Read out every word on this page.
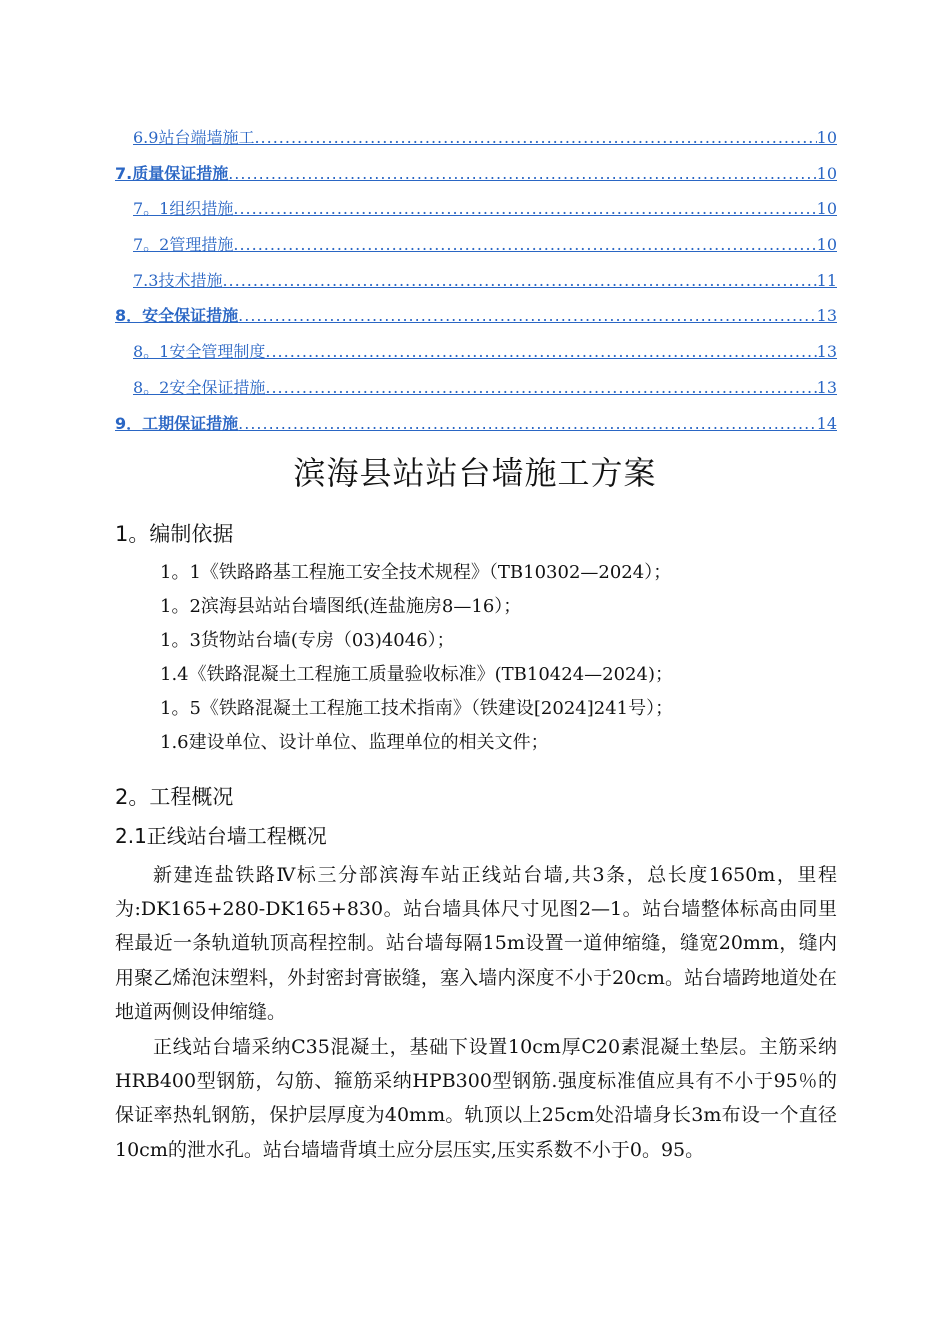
6.9站台端墙施工 .....	10
7.质量保证措施 .....	10
7。1组织措施 .....	10
7。2管理措施 .....	10
7.3技术措施 .....	11
8．安全保证措施 .....	13
8。1安全管理制度 .....	13
8。2安全保证措施 .....	13
9．工期保证措施 .....	14
滨海县站站台墙施工方案
1。编制依据
1。1《铁路路基工程施工安全技术规程》（TB10302—2024）；
1。2滨海县站站台墙图纸(连盐施房8—16）；
1。3货物站台墙(专房（03)4046）；
1.4《铁路混凝土工程施工质量验收标准》(TB10424—2024)；
1。5《铁路混凝土工程施工技术指南》（铁建设[2024]241号）；
1.6建设单位、设计单位、监理单位的相关文件；
2。工程概况
2.1正线站台墙工程概况

新建连盐铁路Ⅳ标三分部滨海车站正线站台墙,共3条，总长度1650m，里程为:DK165+280-DK165+830。站台墙具体尺寸见图2—1。站台墙整体标高由同里程最近一条轨道轨顶高程控制。站台墙每隔15m设置一道伸缩缝，缝宽20mm，缝内用聚乙烯泡沫塑料，外封密封膏嵌缝，塞入墙内深度不小于20cm。站台墙跨地道处在地道两侧设伸缩缝。

正线站台墙采纳C35混凝土，基础下设置10cm厚C20素混凝土垫层。主筋采纳HRB400型钢筋，勾筋、箍筋采纳HPB300型钢筋.强度标准值应具有不小于95％的保证率热轧钢筋，保护层厚度为40mm。轨顶以上25cm处沿墙身长3m布设一个直径10cm的泄水孔。站台墙墙背填土应分层压实,压实系数不小于0。95。
